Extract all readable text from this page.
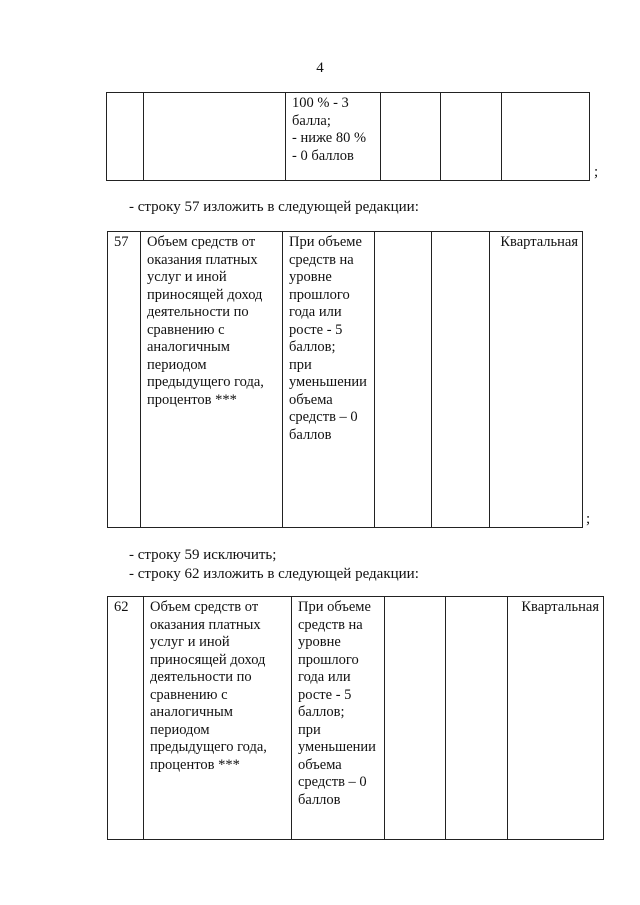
4
		100 % - 3
балла;
- ниже 80 %
- 0 баллов			
;
- строку 57 изложить в следующей редакции:
57	Объем средств от
оказания платных
услуг и иной
приносящей доход
деятельности по
сравнению с
аналогичным
периодом
предыдущего года,
процентов ***	При объеме
средств на
уровне
прошлого
года или
росте - 5
баллов;
при
уменьшении
объема
средств – 0
баллов			Квартальная
;
- строку 59 исключить;
- строку 62 изложить в следующей редакции:
62	Объем средств от
оказания платных
услуг и иной
приносящей доход
деятельности по
сравнению с
аналогичным
периодом
предыдущего года,
процентов ***	При объеме
средств на
уровне
прошлого
года или
росте - 5
баллов;
при
уменьшении
объема
средств – 0
баллов			Квартальная
